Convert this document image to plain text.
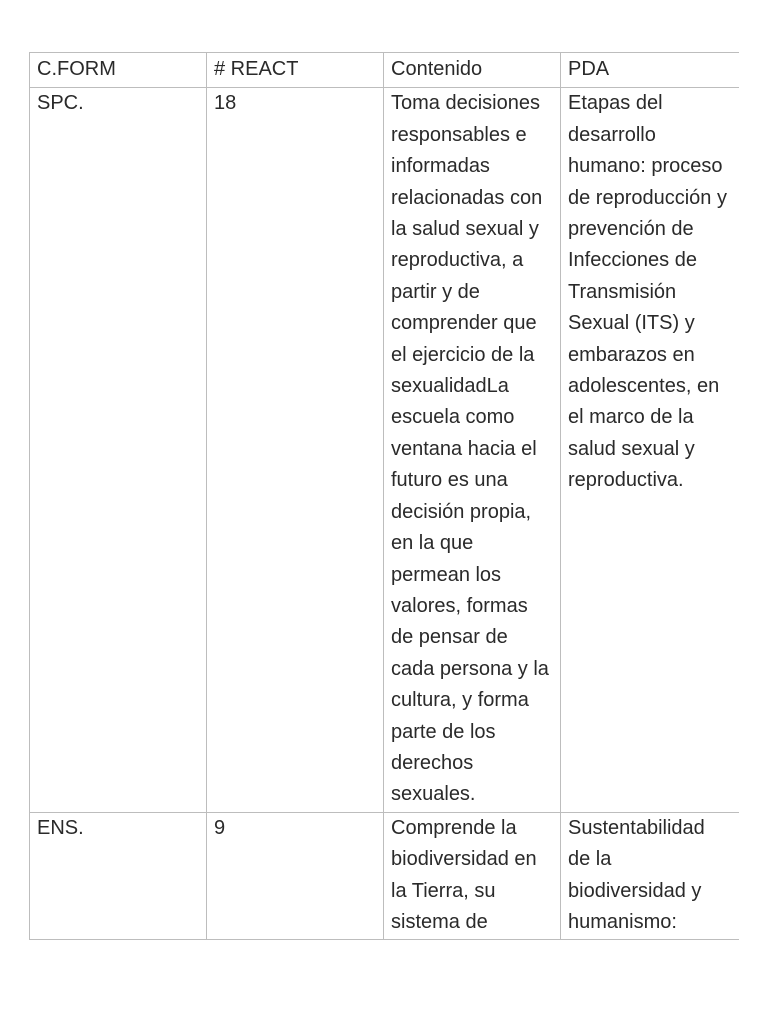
C.FORM	# REACT	Contenido	PDA
SPC.	18	Toma decisiones responsables e informadas relacionadas con la salud sexual y reproductiva, a partir y de comprender que el ejercicio de la sexualidadLa escuela como ventana hacia el futuro es una decisión propia, en la que permean los valores, formas de pensar de cada persona y la cultura, y forma parte de los derechos sexuales.	Etapas del desarrollo humano: proceso de reproducción y prevención de Infecciones de Transmisión Sexual (ITS) y embarazos en adolescentes, en el marco de la salud sexual y reproductiva.
ENS.	9	Comprende la biodiversidad en la Tierra, su sistema de	Sustentabilidad de la biodiversidad y humanismo:
